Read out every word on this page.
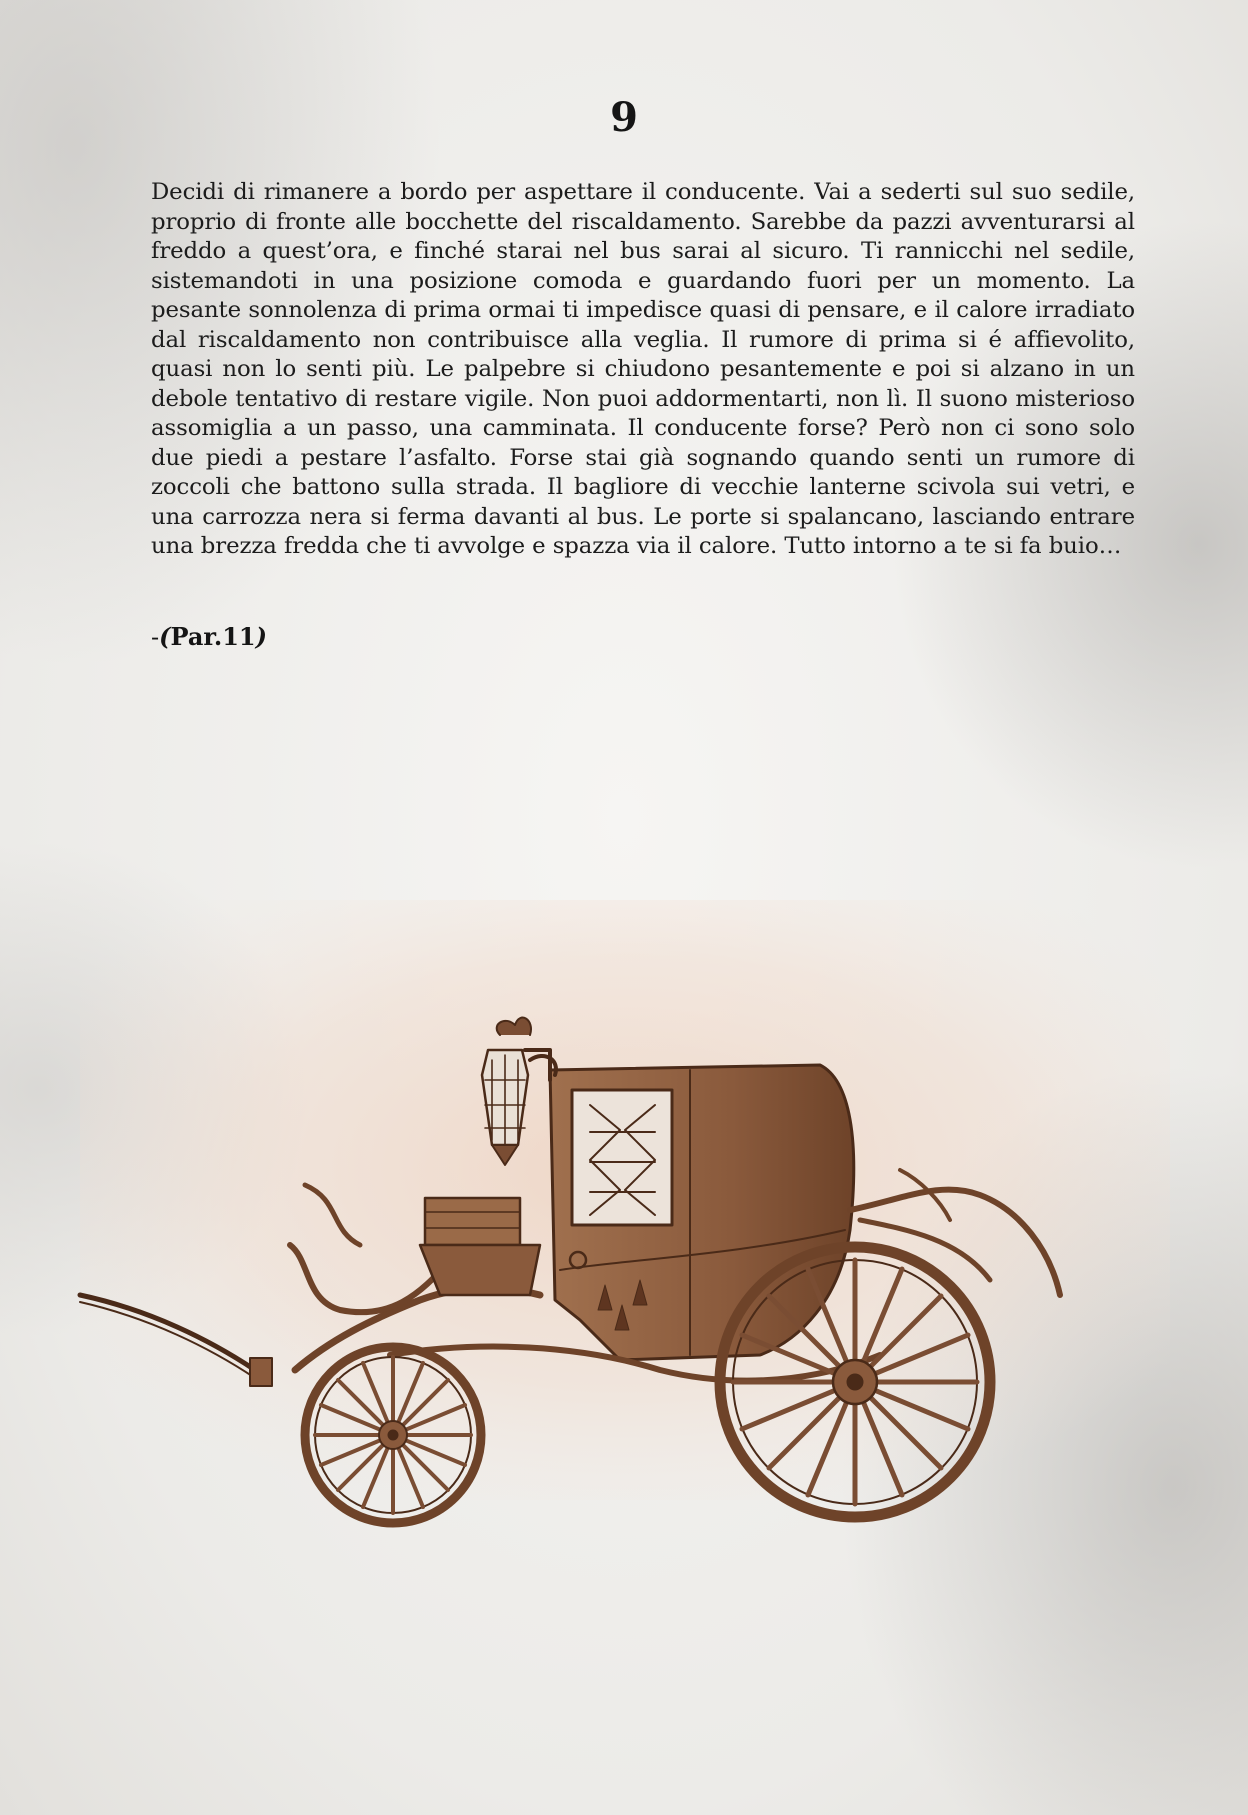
9

Decidi di rimanere a bordo per aspettare il conducente. Vai a sederti sul suo sedile, proprio di fronte alle bocchette del riscaldamento. Sarebbe da pazzi avventurarsi al freddo a quest’ora, e finché starai nel bus sarai al sicuro. Ti rannicchi nel sedile, sistemandoti in una posizione comoda e guardando fuori per un momento. La pesante sonnolenza di prima ormai ti impedisce quasi di pensare, e il calore irradiato dal riscaldamento non contribuisce alla veglia. Il rumore di prima si é affievolito, quasi non lo senti più. Le palpebre si chiudono pesantemente e poi si alzano in un debole tentativo di restare vigile. Non puoi addormentarti, non lì. Il suono misterioso assomiglia a un passo, una camminata. Il conducente forse? Però non ci sono solo due piedi a pestare l’asfalto. Forse stai già sognando quando senti un rumore di zoccoli che battono sulla strada. Il bagliore di vecchie lanterne scivola sui vetri, e una carrozza nera si ferma davanti al bus. Le porte si spalancano, lasciando entrare una brezza fredda che ti avvolge e spazza via il calore. Tutto intorno a te si fa buio…

-(Par.11)
